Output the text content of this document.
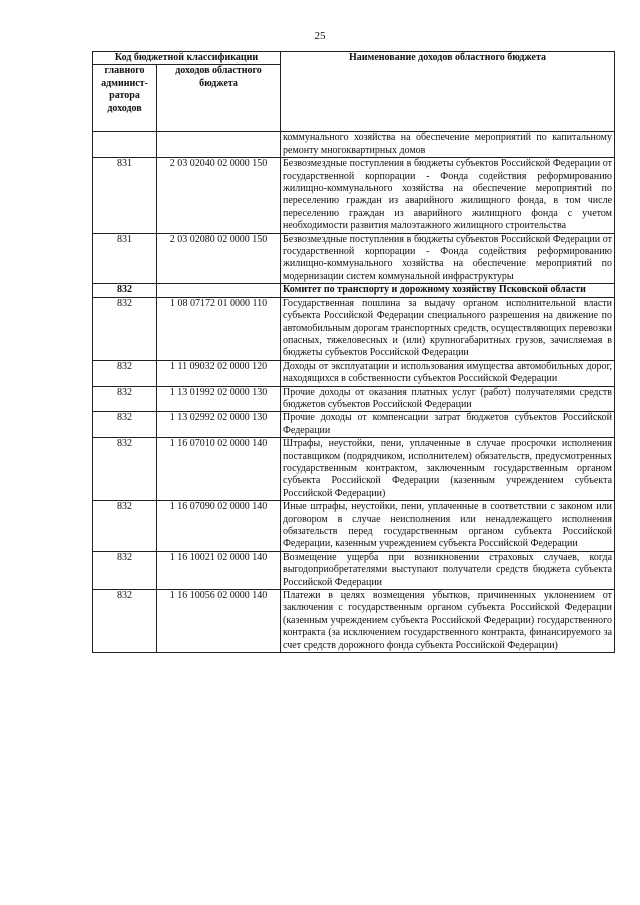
25
Код бюджетной классификации		Наименование доходов областного бюджета
главного админист-ратора доходов	доходов областного бюджета	
		коммунального хозяйства на обеспечение мероприятий по капитальному ремонту многоквартирных домов
831	2 03 02040 02 0000 150	Безвозмездные поступления в бюджеты субъектов Российской Федерации от государственной корпорации - Фонда содействия реформированию жилищно-коммунального хозяйства на обеспечение мероприятий по переселению граждан из аварийного жилищного фонда, в том числе переселению граждан из аварийного жилищного фонда с учетом необходимости развития малоэтажного жилищного строительства
831	2 03 02080 02 0000 150	Безвозмездные поступления в бюджеты субъектов Российской Федерации от государственной корпорации - Фонда содействия реформированию жилищно-коммунального хозяйства на обеспечение мероприятий по модернизации систем коммунальной инфраструктуры
832		Комитет по транспорту и дорожному хозяйству Псковской области
832	1 08 07172 01 0000 110	Государственная пошлина за выдачу органом исполнительной власти субъекта Российской Федерации специального разрешения на движение по автомобильным дорогам транспортных средств, осуществляющих перевозки опасных, тяжеловесных и (или) крупногабаритных грузов, зачисляемая в бюджеты субъектов Российской Федерации
832	1 11 09032 02 0000 120	Доходы от эксплуатации и использования имущества автомобильных дорог, находящихся в собственности субъектов Российской Федерации
832	1 13 01992 02 0000 130	Прочие доходы от оказания платных услуг (работ) получателями средств бюджетов субъектов Российской Федерации
832	1 13 02992 02 0000 130	Прочие доходы от компенсации затрат бюджетов субъектов Российской Федерации
832	1 16 07010 02 0000 140	Штрафы, неустойки, пени, уплаченные в случае просрочки исполнения поставщиком (подрядчиком, исполнителем) обязательств, предусмотренных государственным контрактом, заключенным государственным органом субъекта Российской Федерации (казенным учреждением субъекта Российской Федерации)
832	1 16 07090 02 0000 140	Иные штрафы, неустойки, пени, уплаченные в соответствии с законом или договором в случае неисполнения или ненадлежащего исполнения обязательств перед государственным органом субъекта Российской Федерации, казенным учреждением субъекта Российской Федерации
832	1 16 10021 02 0000 140	Возмещение ущерба при возникновении страховых случаев, когда выгодоприобретателями выступают получатели средств бюджета субъекта Российской Федерации
832	1 16 10056 02 0000 140	Платежи в целях возмещения убытков, причиненных уклонением от заключения с государственным органом субъекта Российской Федерации (казенным учреждением субъекта Российской Федерации) государственного контракта (за исключением государственного контракта, финансируемого за счет средств дорожного фонда субъекта Российской Федерации)
